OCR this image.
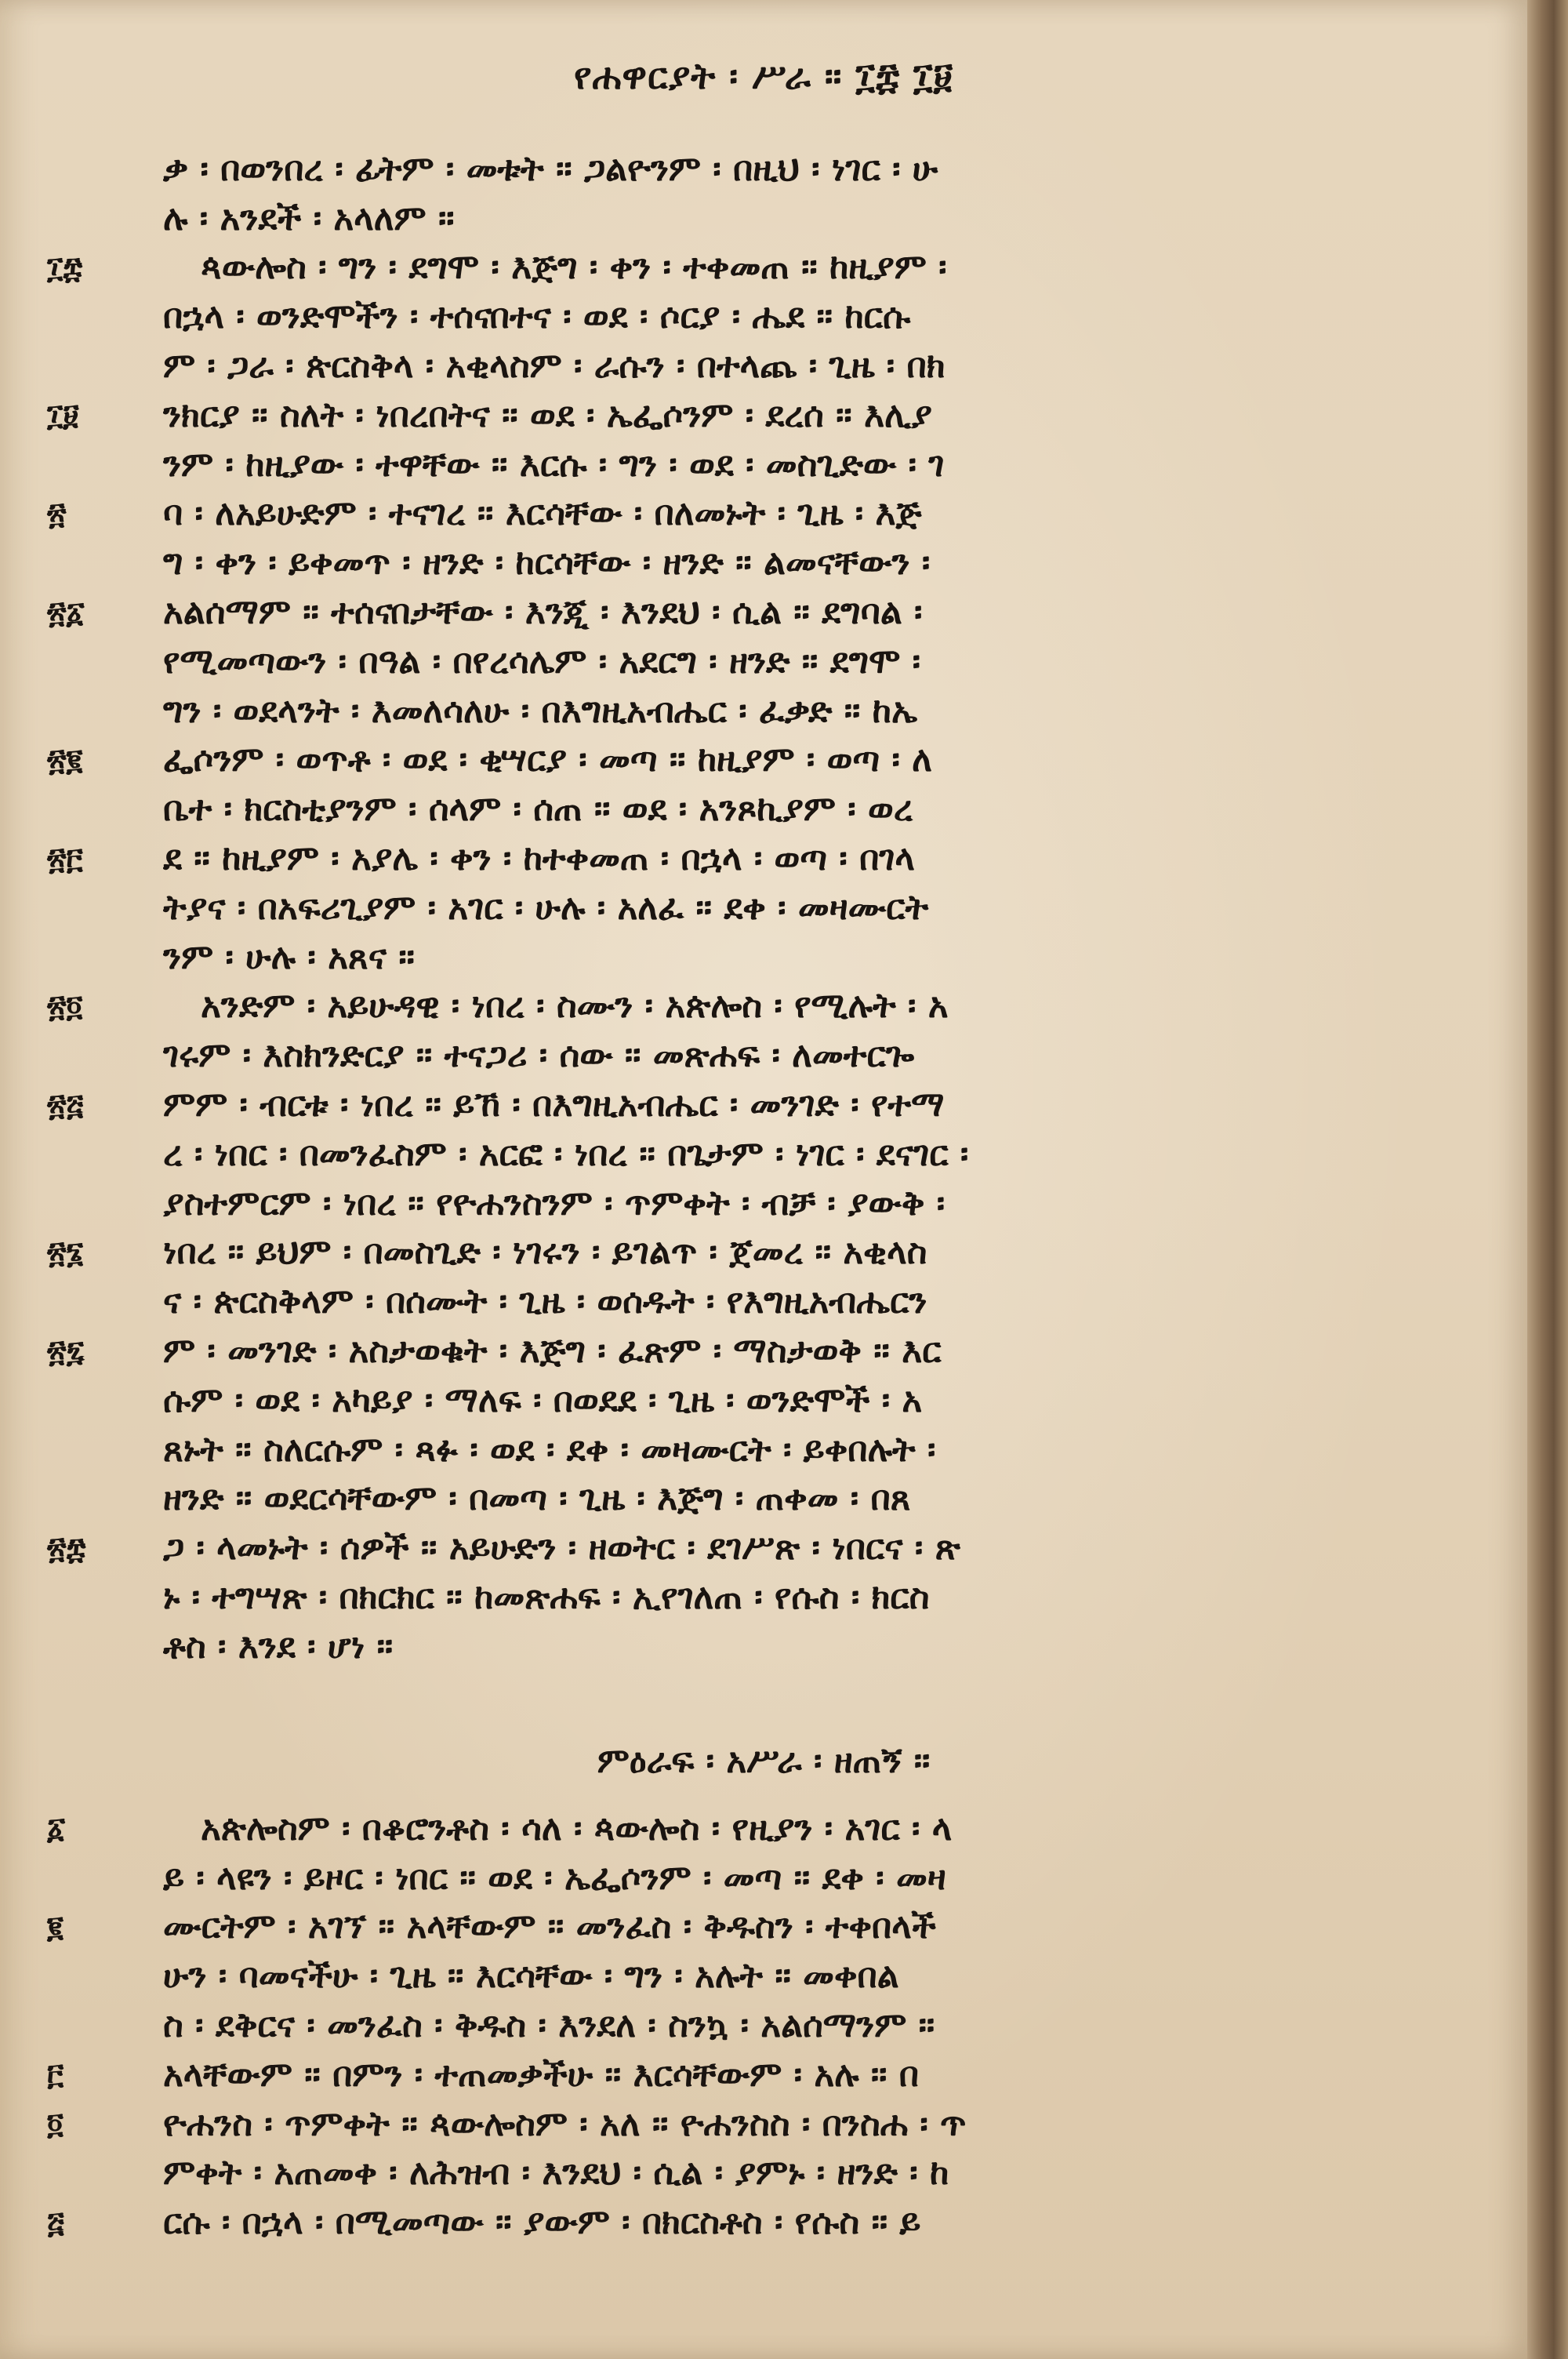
የሐዋርያት ፡ ሥራ ። ፲፰ ፲፱
ቃ ፡ በወንበረ ፡ ፊትም ፡ መቱት ። ጋልዮንም ፡ በዚህ ፡ ነገር ፡ ሁ
ሉ ፡ አንደች ፡ አላለም ።
፲፰	ጳውሎስ ፡ ግን ፡ ደግሞ ፡ እጅግ ፡ ቀን ፡ ተቀመጠ ። ከዚያም ፡
በኋላ ፡ ወንድሞችን ፡ ተሰናበተና ፡ ወደ ፡ ሶርያ ፡ ሔደ ። ከርሱ
ም ፡ ጋራ ፡ ጵርስቅላ ፡ አቂላስም ፡ ራሱን ፡ በተላጨ ፡ ጊዜ ፡ በክ
፲፱	ንክርያ ። ስለት ፡ ነበረበትና ። ወደ ፡ ኤፌሶንም ፡ ደረሰ ። እሊያ
ንም ፡ ከዚያው ፡ ተዋቸው ። እርሱ ፡ ግን ፡ ወደ ፡ መስጊድው ፡ ገ
፳	ባ ፡ ለአይሁድም ፡ ተናገረ ። እርሳቸው ፡ በለመኑት ፡ ጊዜ ፡ እጅ
ግ ፡ ቀን ፡ ይቀመጥ ፡ ዘንድ ፡ ከርሳቸው ፡ ዘንድ ። ልመናቸውን ፡
፳፩	አልሰማም ። ተሰናበታቸው ፡ እንጂ ፡ እንደህ ፡ ሲል ። ደግባል ፡
የሚመጣውን ፡ በዓል ፡ በየረሳሌም ፡ አደርግ ፡ ዘንድ ። ደግሞ ፡
ግን ፡ ወደላንት ፡ እመለሳለሁ ፡ በእግዚአብሔር ፡ ፈቃድ ። ከኤ
፳፪	ፌሶንም ፡ ወጥቶ ፡ ወደ ፡ ቂሣርያ ፡ መጣ ። ከዚያም ፡ ወጣ ፡ ለ
ቤተ ፡ ክርስቲያንም ፡ ሰላም ፡ ሰጠ ። ወደ ፡ አንጾኪያም ፡ ወረ
፳፫	ደ ። ከዚያም ፡ አያሌ ፡ ቀን ፡ ከተቀመጠ ፡ በኋላ ፡ ወጣ ፡ በገላ
ትያና ፡ በአፍሪጊያም ፡ አገር ፡ ሁሉ ፡ አለፈ ። ደቀ ፡ መዛሙርት
ንም ፡ ሁሉ ፡ አጸና ።
፳፬	አንድም ፡ አይሁዳዊ ፡ ነበረ ፡ ስሙን ፡ አጵሎስ ፡ የሚሉት ፡ አ
ገሩም ፡ እስክንድርያ ። ተናጋሪ ፡ ሰው ። መጽሐፍ ፡ ለመተርጐ
፳፭	ምም ፡ ብርቱ ፡ ነበረ ። ይኸ ፡ በእግዚአብሔር ፡ መንገድ ፡ የተማ
ረ ፡ ነበር ፡ በመንፈስም ፡ አርፎ ፡ ነበረ ። በጌታም ፡ ነገር ፡ ደናገር ፡
ያስተምርም ፡ ነበረ ። የዮሐንስንም ፡ ጥምቀት ፡ ብቻ ፡ ያውቅ ፡
፳፮	ነበረ ። ይህም ፡ በመስጊድ ፡ ነገሩን ፡ ይገልጥ ፡ ጀመረ ። አቂላስ
ና ፡ ጵርስቅላም ፡ በሰሙት ፡ ጊዜ ፡ ወሰዱት ፡ የእግዚአብሔርን
፳፯	ም ፡ መንገድ ፡ አስታወቁት ፡ እጅግ ፡ ፈጽም ፡ ማስታወቅ ። እር
ሱም ፡ ወደ ፡ አካይያ ፡ ማለፍ ፡ በወደደ ፡ ጊዜ ፡ ወንድሞች ፡ አ
ጸኑት ። ስለርሱም ፡ ጻፉ ፡ ወደ ፡ ደቀ ፡ መዛሙርት ፡ ይቀበሉት ፡
ዘንድ ። ወደርሳቸውም ፡ በመጣ ፡ ጊዜ ፡ እጅግ ፡ ጠቀመ ፡ በጸ
፳፰	ጋ ፡ ላመኑት ፡ ሰዎች ። አይሁድን ፡ ዘወትር ፡ ደገሥጽ ፡ ነበርና ፡ ጽ
ኑ ፡ ተግሣጽ ፡ በክርክር ። ከመጽሐፍ ፡ ኢየገለጠ ፡ የሱስ ፡ ክርስ
ቶስ ፡ እንደ ፡ ሆነ ።
ምዕራፍ ፡ አሥራ ፡ ዘጠኝ ።
፩	አጵሎስም ፡ በቆሮንቶስ ፡ ሳለ ፡ ጳውሎስ ፡ የዚያን ፡ አገር ፡ ላ
ይ ፡ ላዩን ፡ ይዞር ፡ ነበር ። ወደ ፡ ኤፌሶንም ፡ መጣ ። ደቀ ፡ መዛ
፪	ሙርትም ፡ አገኘ ። አላቸውም ። መንፈስ ፡ ቅዱስን ፡ ተቀበላች
ሁን ፡ ባመናችሁ ፡ ጊዜ ። እርሳቸው ፡ ግን ፡ አሉት ። መቀበል
ስ ፡ ደቅርና ፡ መንፈስ ፡ ቅዱስ ፡ እንደለ ፡ ስንኳ ፡ አልሰማንም ።
፫	አላቸውም ። በምን ፡ ተጠመቃችሁ ። እርሳቸውም ፡ አሉ ። በ
፬	ዮሐንስ ፡ ጥምቀት ። ጳውሎስም ፡ አለ ። ዮሐንስስ ፡ በንስሐ ፡ ጥ
ምቀት ፡ አጠመቀ ፡ ለሕዝብ ፡ እንደህ ፡ ሲል ፡ ያምኑ ፡ ዘንድ ፡ ከ
፭	ርሱ ፡ በኋላ ፡ በሚመጣው ። ያውም ፡ በክርስቶስ ፡ የሱስ ። ይ
